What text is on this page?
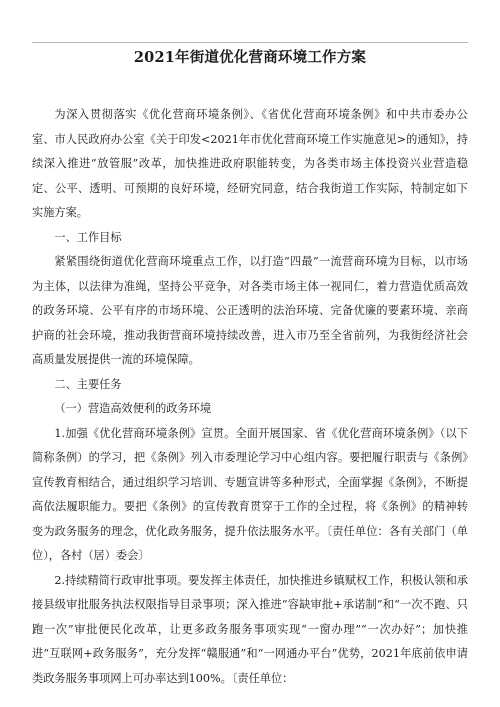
2021年街道优化营商环境工作方案

为深入贯彻落实《优化营商环境条例》、《省优化营商环境条例》和中共市委办公室、市人民政府办公室《关于印发<2021年市优化营商环境工作实施意见>的通知》，持续深入推进“放管服”改革，加快推进政府职能转变，为各类市场主体投资兴业营造稳定、公平、透明、可预期的良好环境，经研究同意，结合我街道工作实际，特制定如下实施方案。

一、工作目标

紧紧围绕街道优化营商环境重点工作，以打造“四最”一流营商环境为目标，以市场为主体，以法律为准绳，坚持公平竞争，对各类市场主体一视同仁，着力营造优质高效的政务环境、公平有序的市场环境、公正透明的法治环境、完备优廉的要素环境、亲商护商的社会环境，推动我街营商环境持续改善，进入市乃至全省前列，为我街经济社会高质量发展提供一流的环境保障。

二、主要任务

（一）营造高效便利的政务环境

1.加强《优化营商环境条例》宣贯。全面开展国家、省《优化营商环境条例》（以下简称条例）的学习，把《条例》列入市委理论学习中心组内容。要把履行职责与《条例》宣传教育相结合，通过组织学习培训、专题宣讲等多种形式，全面掌握《条例》，不断提高依法履职能力。要把《条例》的宣传教育贯穿于工作的全过程，将《条例》的精神转变为政务服务的理念，优化政务服务，提升依法服务水平。〔责任单位：各有关部门（单位），各村（居）委会〕

2.持续精简行政审批事项。要发挥主体责任，加快推进乡镇赋权工作，积极认领和承接县级审批服务执法权限指导目录事项；深入推进“容缺审批+承诺制”和“一次不跑、只跑一次”审批便民化改革，让更多政务服务事项实现“一窗办理”“一次办好”；加快推进“互联网+政务服务”，充分发挥“赣服通”和“一网通办平台”优势，2021年底前依申请类政务服务事项网上可办率达到100%。〔责任单位：
